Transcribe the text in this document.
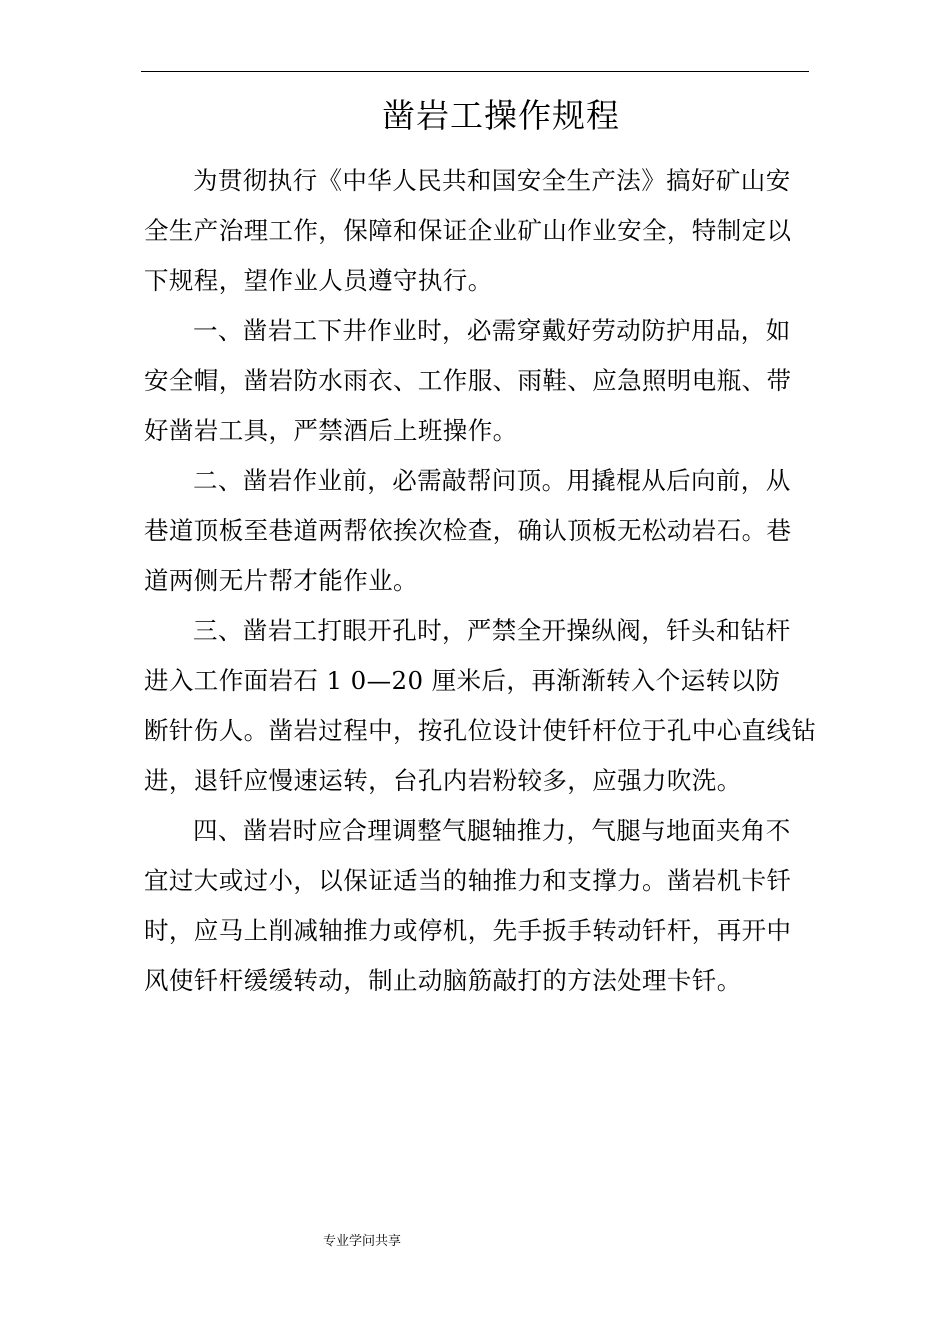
凿岩工操作规程

为贯彻执行《中华人民共和国安全生产法》搞好矿山安
全生产治理工作，保障和保证企业矿山作业安全，特制定以
下规程，望作业人员遵守执行。

一、凿岩工下井作业时，必需穿戴好劳动防护用品，如
安全帽，凿岩防水雨衣、工作服、雨鞋、应急照明电瓶、带
好凿岩工具，严禁酒后上班操作。

二、凿岩作业前，必需敲帮问顶。用撬棍从后向前，从
巷道顶板至巷道两帮依挨次检查，确认顶板无松动岩石。巷
道两侧无片帮才能作业。

三、凿岩工打眼开孔时，严禁全开操纵阀，钎头和钻杆
进入工作面岩石 1 0—20 厘米后，再渐渐转入个运转以防
断针伤人。凿岩过程中，按孔位设计使钎杆位于孔中心直线钻
进，退钎应慢速运转，台孔内岩粉较多，应强力吹洗。

四、凿岩时应合理调整气腿轴推力，气腿与地面夹角不
宜过大或过小，以保证适当的轴推力和支撑力。凿岩机卡钎
时，应马上削减轴推力或停机，先手扳手转动钎杆，再开中
风使钎杆缓缓转动，制止动脑筋敲打的方法处理卡钎。

专业学问共享
